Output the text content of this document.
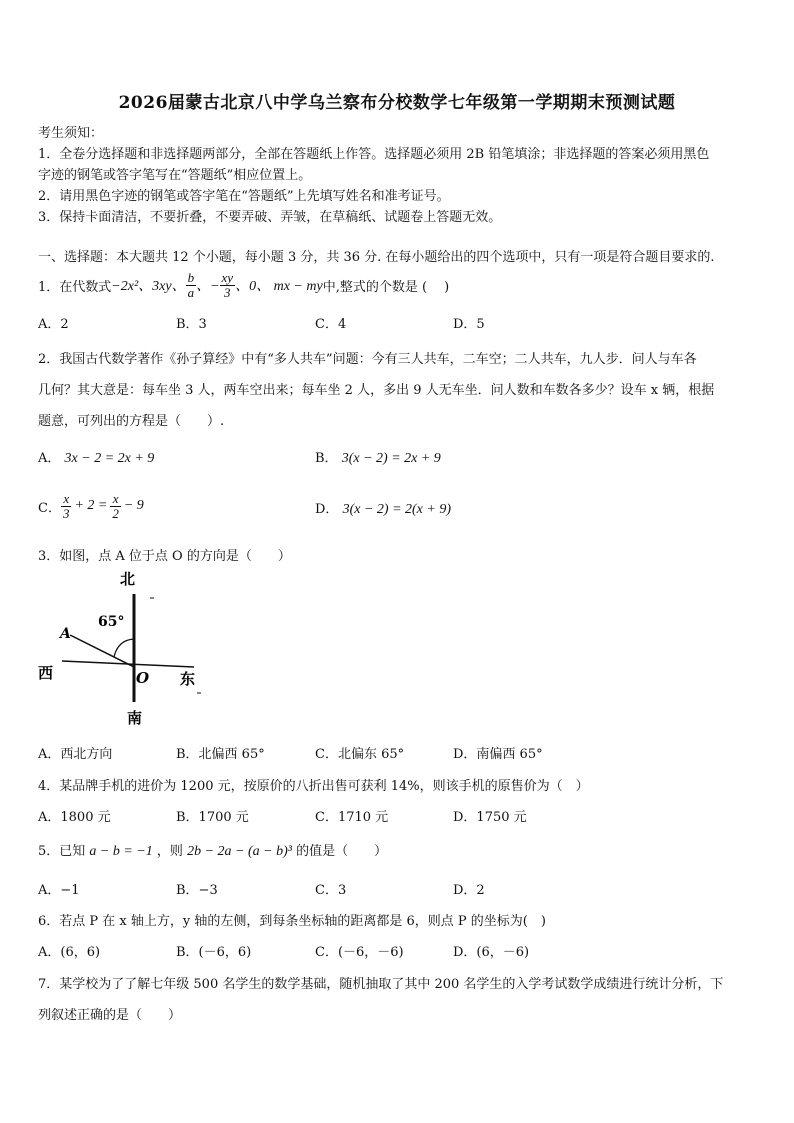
2026届蒙古北京八中学乌兰察布分校数学七年级第一学期期末预测试题
考生须知：
1．全卷分选择题和非选择题两部分，全部在答题纸上作答。选择题必须用 2B 铅笔填涂；非选择题的答案必须用黑色
字迹的钢笔或答字笔写在“答题纸”相应位置上。
2．请用黑色字迹的钢笔或答字笔在“答题纸”上先填写姓名和准考证号。
3．保持卡面清洁，不要折叠，不要弄破、弄皱，在草稿纸、试题卷上答题无效。
一、选择题：本大题共 12 个小题，每小题 3 分，共 36 分. 在每小题给出的四个选项中，只有一项是符合题目要求的.
1．在代数式 −2x²、3xy、 $\frac{b}{a}$ 、− $\frac{xy}{3}$ 、0、 mx − my 中,整式的个数是 (　 )
A．2	B．3	C．4	D．5
2．我国古代数学著作《孙子算经》中有“多人共车”问题：今有三人共车，二车空；二人共车，九人步．问人与车各
几何？其大意是：每车坐 3 人，两车空出来；每车坐 2 人，多出 9 人无车坐．问人数和车数各多少？设车 x 辆，根据
题意，可列出的方程是（　　）.
A． 3x − 2 = 2x + 9	B． 3(x − 2) = 2x + 9
C． $\frac{x}{3} + 2 = \frac{x}{2} - 9$	D． 3(x − 2) = 2(x + 9)
3．如图，点 A 位于点 O 的方向是（　　）
北
南
西	东
65°
A
O
A．西北方向	B．北偏西 65°	C．北偏东 65°	D．南偏西 65°
4．某品牌手机的进价为 1200 元，按原价的八折出售可获利 14%，则该手机的原售价为（　）
A．1800 元	B．1700 元	C．1710 元	D．1750 元
5．已知 a − b = −1 ，则 2b − 2a − (a − b)³ 的值是（　　）
A．−1	B．−3	C．3	D．2
6．若点 P 在 x 轴上方，y 轴的左侧，到每条坐标轴的距离都是 6，则点 P 的坐标为(　)
A．(6，6)	B．(－6，6)	C．(－6，－6)	D．(6，－6)
7．某学校为了了解七年级 500 名学生的数学基础，随机抽取了其中 200 名学生的入学考试数学成绩进行统计分析，下
列叙述正确的是（　　）
